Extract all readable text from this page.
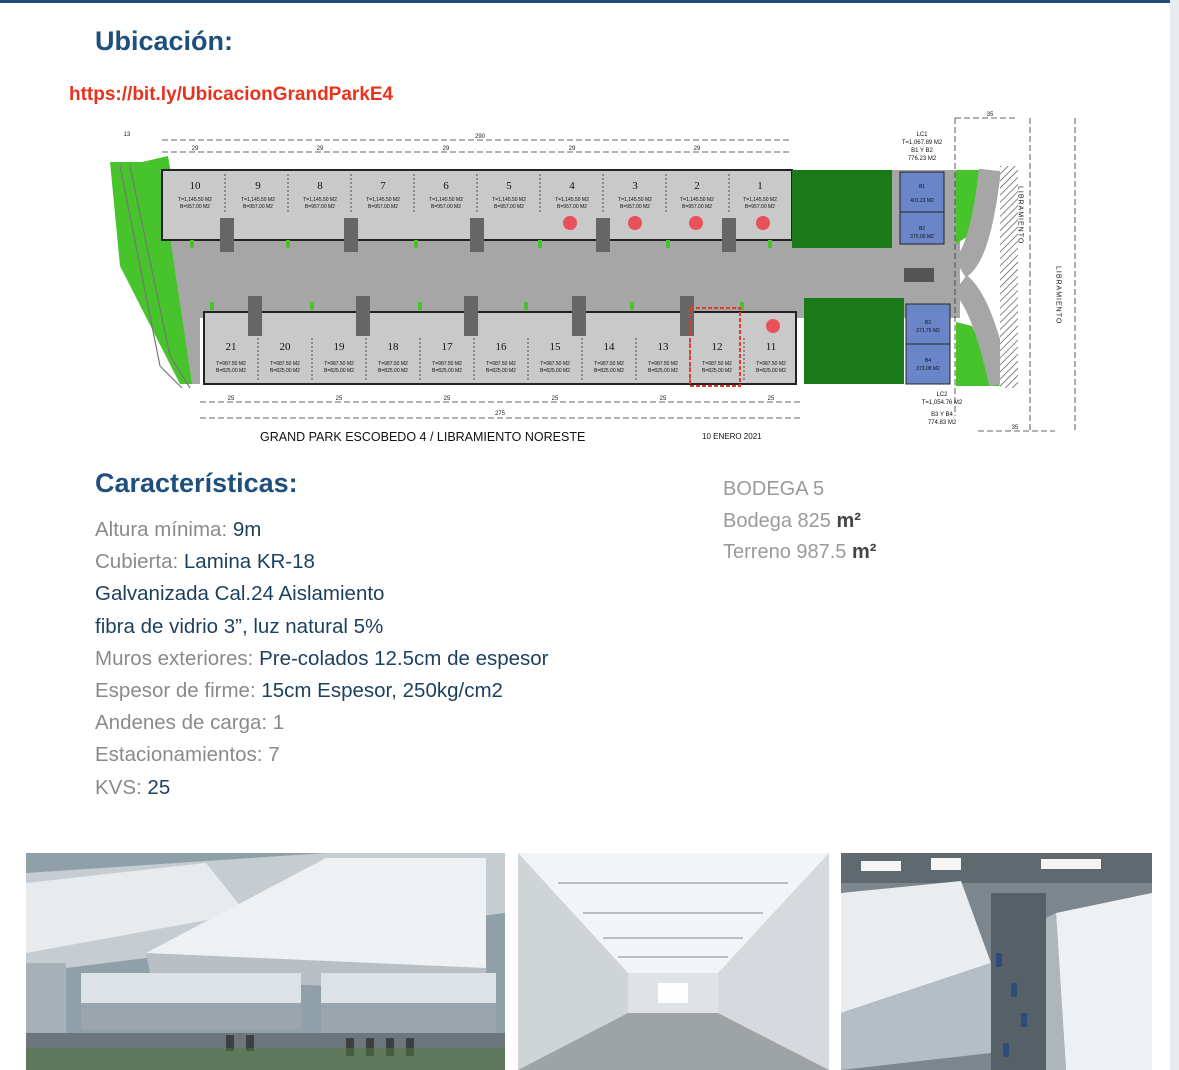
Ubicación:
https://bit.ly/UbicacionGrandParkE4
10	9	8	7	6	5	4	3	2	1
T=1,145.50 M2
B=957.00 M2
T=1,145.50 M2
B=957.00 M2
T=1,145.50 M2
B=957.00 M2
T=1,145.50 M2
B=957.00 M2
T=1,145.50 M2
B=957.00 M2
T=1,145.50 M2
B=957.00 M2
T=1,145.50 M2
B=957.00 M2
T=1,145.50 M2
B=957.00 M2
T=1,145.50 M2
B=957.00 M2
T=1,145.50 M2
B=957.00 M2
21	20	19	18	17	16	15	14	13	12	11
T=987.50 M2
B=825.00 M2
T=987.50 M2
B=825.00 M2
T=987.50 M2
B=825.00 M2
T=987.50 M2
B=825.00 M2
T=987.50 M2
B=825.00 M2
T=987.50 M2
B=825.00 M2
T=987.50 M2
B=825.00 M2
T=987.50 M2
B=825.00 M2
T=987.50 M2
B=825.00 M2
T=987.50 M2
B=825.00 M2
T=987.50 M2
B=825.00 M2
B1
401.23 M2
B2
375.00 M2
B3
371.75 M2
B4
373.08 M2
LC1
T=1,067.89 M2
B1 Y B2
776.23 M2
LC2
T=1,054.76 M2
B3 Y B4
774.83 M2
290
275
13
35
35
29	29	29	29	29
25	25	25	25	25	25
LIBRAMIENTO
LIBRAMIENTO
GRAND PARK ESCOBEDO 4 / LIBRAMIENTO NORESTE	10 ENERO 2021
Características:
Altura mínima: 9m
Cubierta: Lamina KR-18
Galvanizada Cal.24 Aislamiento
fibra de vidrio 3”, luz natural 5%
Muros exteriores: Pre-colados 12.5cm de espesor
Espesor de firme: 15cm Espesor, 250kg/cm2
Andenes de carga: 1
Estacionamientos: 7
KVS: 25
BODEGA 5
Bodega 825 m²
Terreno 987.5 m²
